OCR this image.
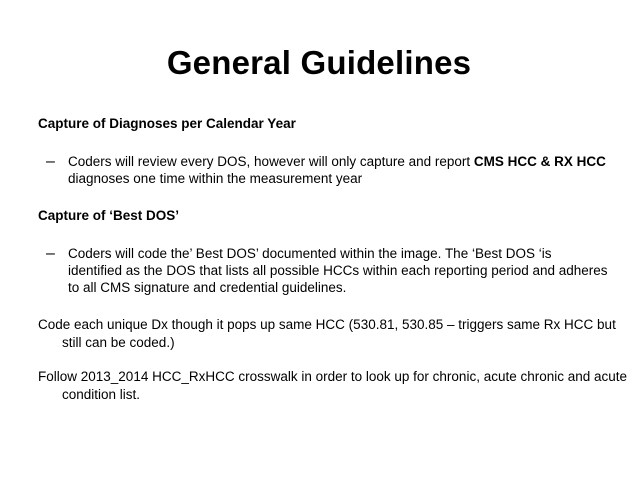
General Guidelines
Capture of Diagnoses per Calendar Year
– Coders will review every DOS, however will only capture and report CMS HCC & RX HCC diagnoses one time within the measurement year
Capture of ‘Best DOS’
– Coders will code the’ Best DOS’ documented within the image. The ‘Best DOS ‘is identified as the DOS that lists all possible HCCs within each reporting period and adheres to all CMS signature and credential guidelines.
Code each unique Dx though it pops up same HCC (530.81, 530.85 – triggers same Rx HCC but still can be coded.)
Follow 2013_2014 HCC_RxHCC crosswalk in order to look up for chronic, acute chronic and acute condition list.
